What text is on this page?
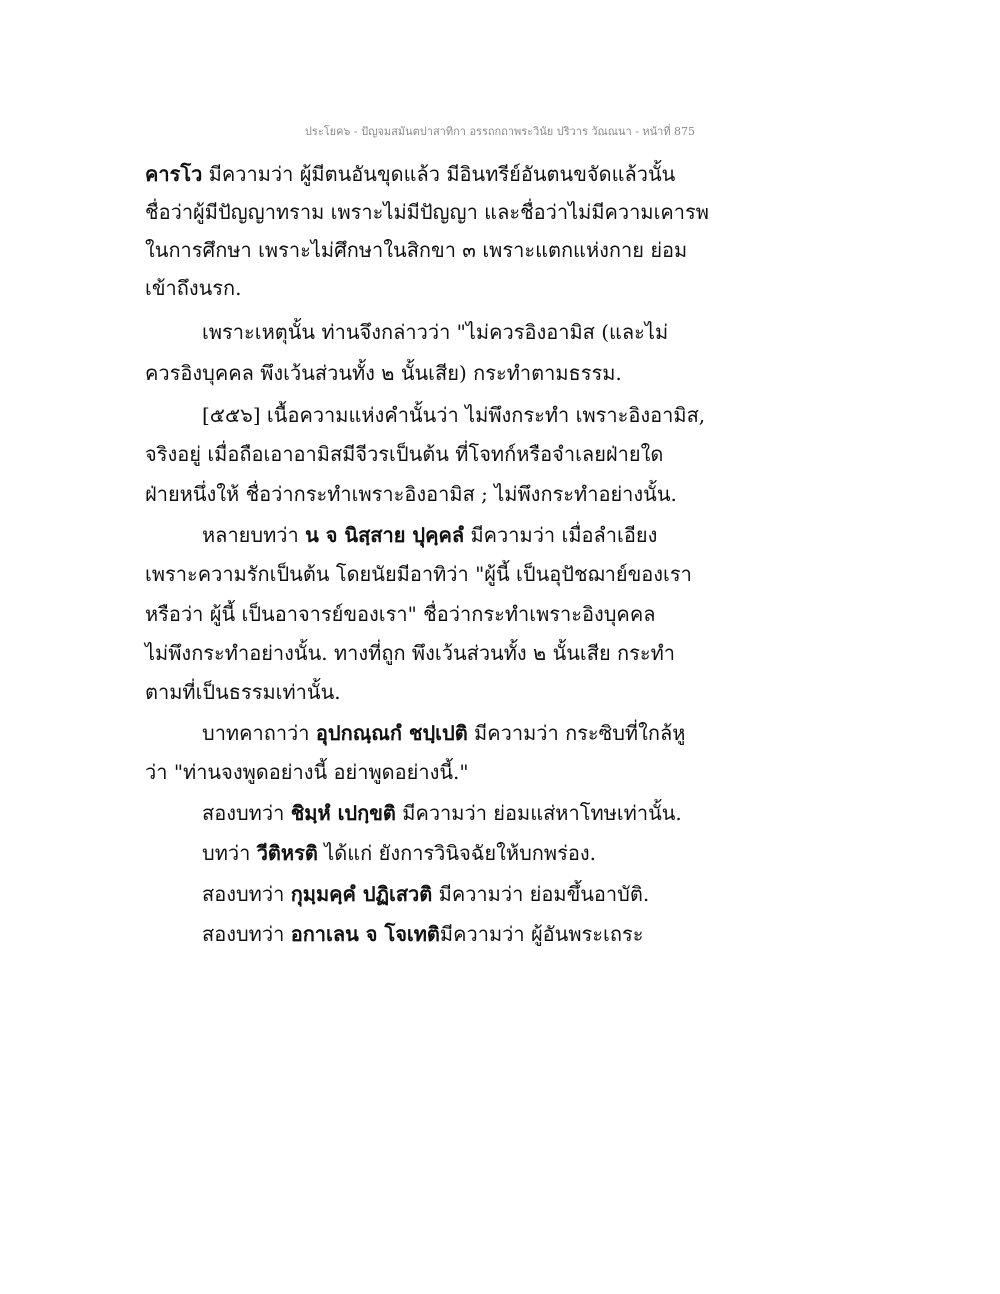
ประโยค๖ - ปัญจมสมันตปาสาทิกา อรรถกถาพระวินัย ปริวาร วัณณนา - หน้าที่ 875
คารโว มีความว่า ผู้มีตนอันขุดแล้ว มีอินทรีย์อันตนขจัดแล้วนั้น
ชื่อว่าผู้มีปัญญาทราม เพราะไม่มีปัญญา และชื่อว่าไม่มีความเคารพ
ในการศึกษา เพราะไม่ศึกษาในสิกขา ๓ เพราะแตกแห่งกาย ย่อม
เข้าถึงนรก.
เพราะเหตุนั้น ท่านจึงกล่าวว่า "ไม่ควรอิงอามิส (และไม่
ควรอิงบุคคล พึงเว้นส่วนทั้ง ๒ นั้นเสีย) กระทำตามธรรม.
[๕๕๖] เนื้อความแห่งคำนั้นว่า ไม่พึงกระทำ เพราะอิงอามิส,
จริงอยู่ เมื่อถือเอาอามิสมีจีวรเป็นต้น ที่โจทก์หรือจำเลยฝ่ายใด
ฝ่ายหนึ่งให้ ชื่อว่ากระทำเพราะอิงอามิส ; ไม่พึงกระทำอย่างนั้น.
หลายบทว่า น จ นิสฺสาย ปุคฺคลํ มีความว่า เมื่อลำเอียง
เพราะความรักเป็นต้น โดยนัยมีอาทิว่า "ผู้นี้ เป็นอุปัชฌาย์ของเรา
หรือว่า ผู้นี้ เป็นอาจารย์ของเรา" ชื่อว่ากระทำเพราะอิงบุคคล
ไม่พึงกระทำอย่างนั้น. ทางที่ถูก พึงเว้นส่วนทั้ง ๒ นั้นเสีย กระทำ
ตามที่เป็นธรรมเท่านั้น.
บาทคาถาว่า อุปกณฺณกํ ชปฺเปติ มีความว่า กระซิบที่ใกล้หู
ว่า "ท่านจงพูดอย่างนี้ อย่าพูดอย่างนี้."
สองบทว่า ชิมฺหํ เปกฺขติ มีความว่า ย่อมแส่หาโทษเท่านั้น.
บทว่า วีติหรติ ได้แก่ ยังการวินิจฉัยให้บกพร่อง.
สองบทว่า กุมฺมคฺคํ ปฏิเสวติ มีความว่า ย่อมขึ้นอาบัติ.
สองบทว่า อกาเลน จ โจเทติมีความว่า ผู้อันพระเถระ
